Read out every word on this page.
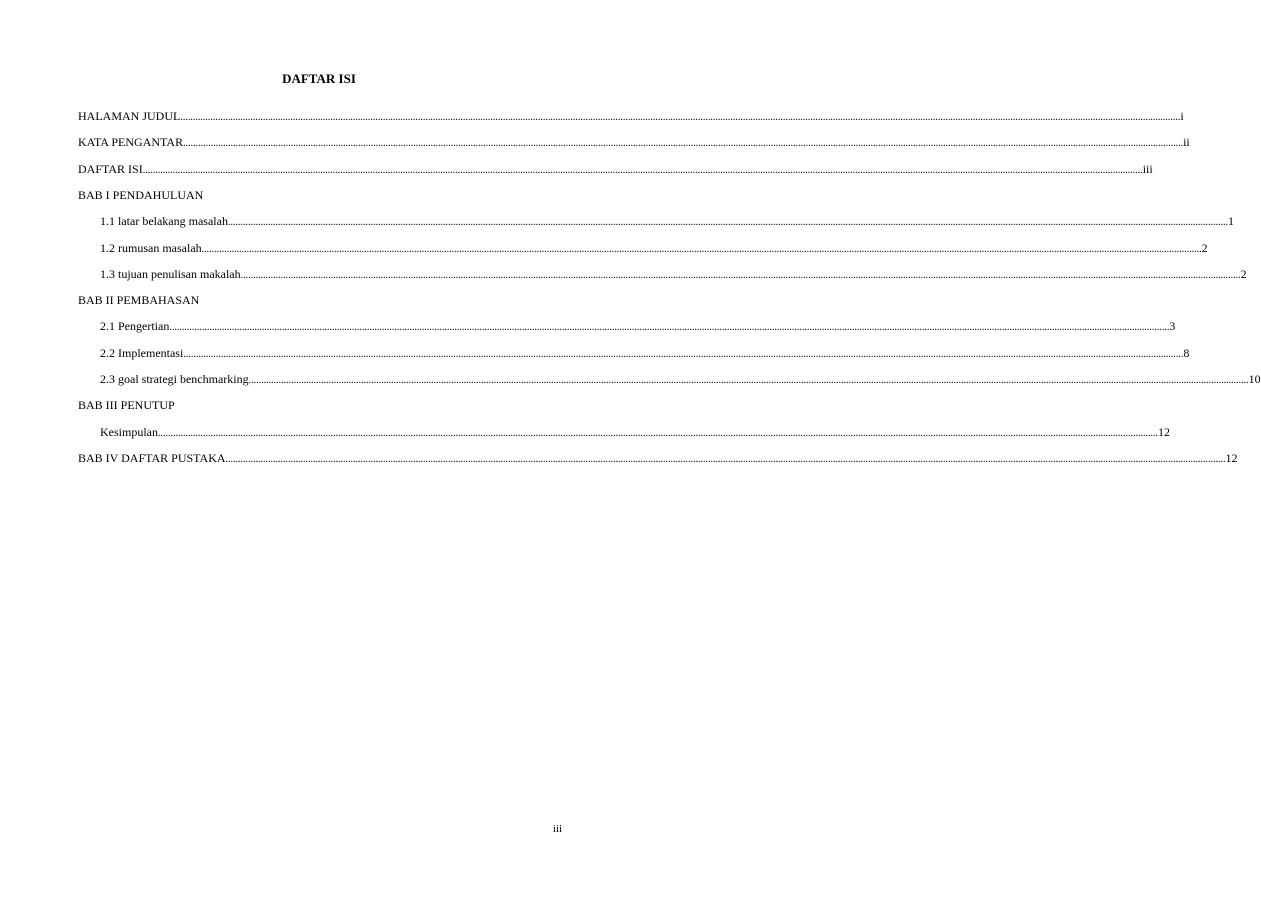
DAFTAR ISI
HALAMAN JUDUL ................................................................................................................................................................................................................................................................................................................................................................................................................ i
KATA PENGANTAR ................................................................................................................................................................................................................................................................................................................................................................................................................ ii
DAFTAR ISI ................................................................................................................................................................................................................................................................................................................................................................................................................ iii
BAB I PENDAHULUAN
1.1 latar belakang masalah ................................................................................................................................................................................................................................................................................................................................................................................................................ 1
1.2 rumusan masalah ................................................................................................................................................................................................................................................................................................................................................................................................................ 2
1.3 tujuan penulisan makalah ................................................................................................................................................................................................................................................................................................................................................................................................................ 2
BAB II PEMBAHASAN
2.1 Pengertian ................................................................................................................................................................................................................................................................................................................................................................................................................ 3
2.2 Implementasi ................................................................................................................................................................................................................................................................................................................................................................................................................ 8
2.3 goal strategi benchmarking ................................................................................................................................................................................................................................................................................................................................................................................................................ 10
BAB III PENUTUP
Kesimpulan ................................................................................................................................................................................................................................................................................................................................................................................................................ 12
BAB IV DAFTAR PUSTAKA ................................................................................................................................................................................................................................................................................................................................................................................................................ 12
iii
